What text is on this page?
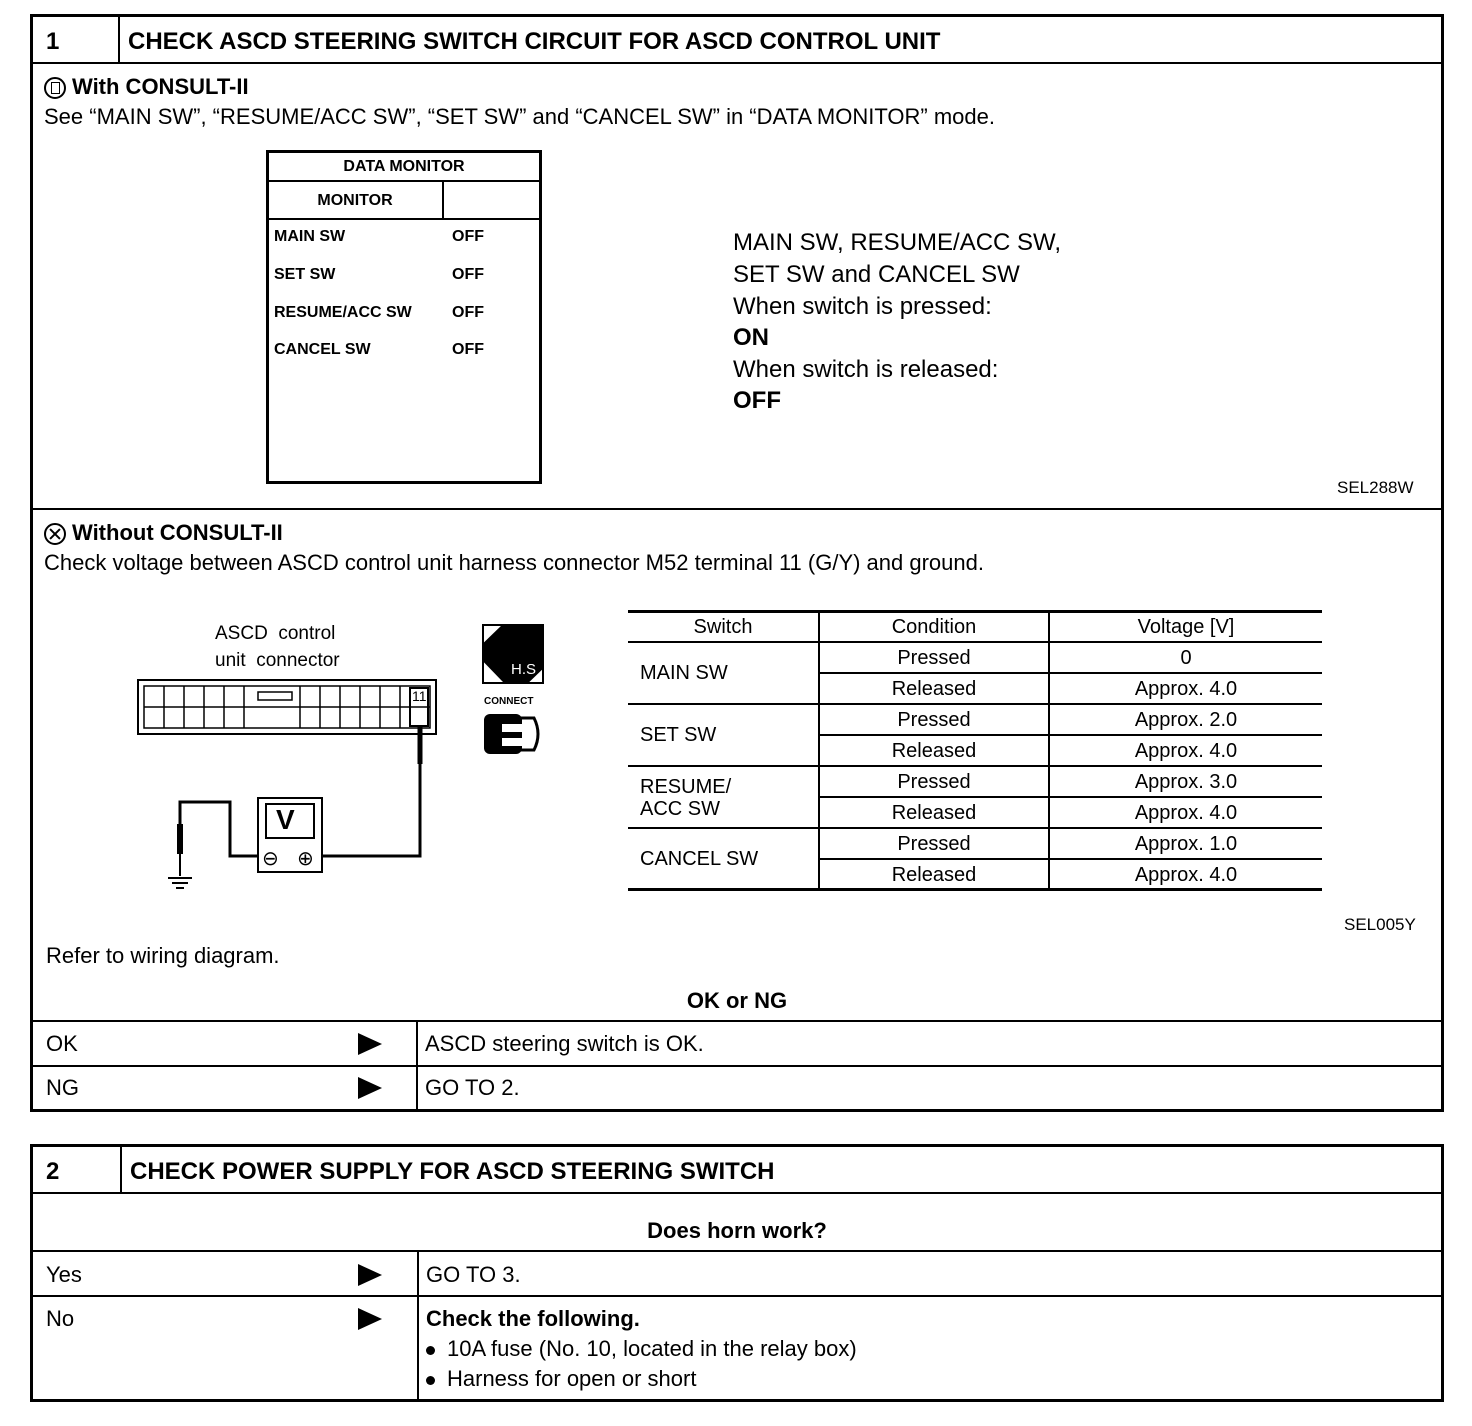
1	CHECK ASCD STEERING SWITCH CIRCUIT FOR ASCD CONTROL UNIT
With CONSULT-II
See “MAIN SW”, “RESUME/ACC SW”, “SET SW” and “CANCEL SW” in “DATA MONITOR” mode.
DATA MONITOR
MONITOR
MAIN SW	OFF
SET SW	OFF
RESUME/ACC SW	OFF
CANCEL SW	OFF
MAIN SW, RESUME/ACC SW,
SET SW and CANCEL SW
When switch is pressed:
ON
When switch is released:
OFF
SEL288W
Without CONSULT-II
Check voltage between ASCD control unit harness connector M52 terminal 11 (G/Y) and ground.
ASCD  control
unit  connector
11
V
⊖ ⊕
H.S
CONNECT
Switch	Condition	Voltage [V]
MAIN SW
Pressed	0
Released	Approx. 4.0
SET SW
Pressed	Approx. 2.0
Released	Approx. 4.0
RESUME/
ACC SW
Pressed	Approx. 3.0
Released	Approx. 4.0
CANCEL SW
Pressed	Approx. 1.0
Released	Approx. 4.0
SEL005Y
Refer to wiring diagram.
OK or NG
OK	ASCD steering switch is OK.
NG	GO TO 2.
2	CHECK POWER SUPPLY FOR ASCD STEERING SWITCH
Does horn work?
Yes	GO TO 3.
No	Check the following.
10A fuse (No. 10, located in the relay box)
Harness for open or short
